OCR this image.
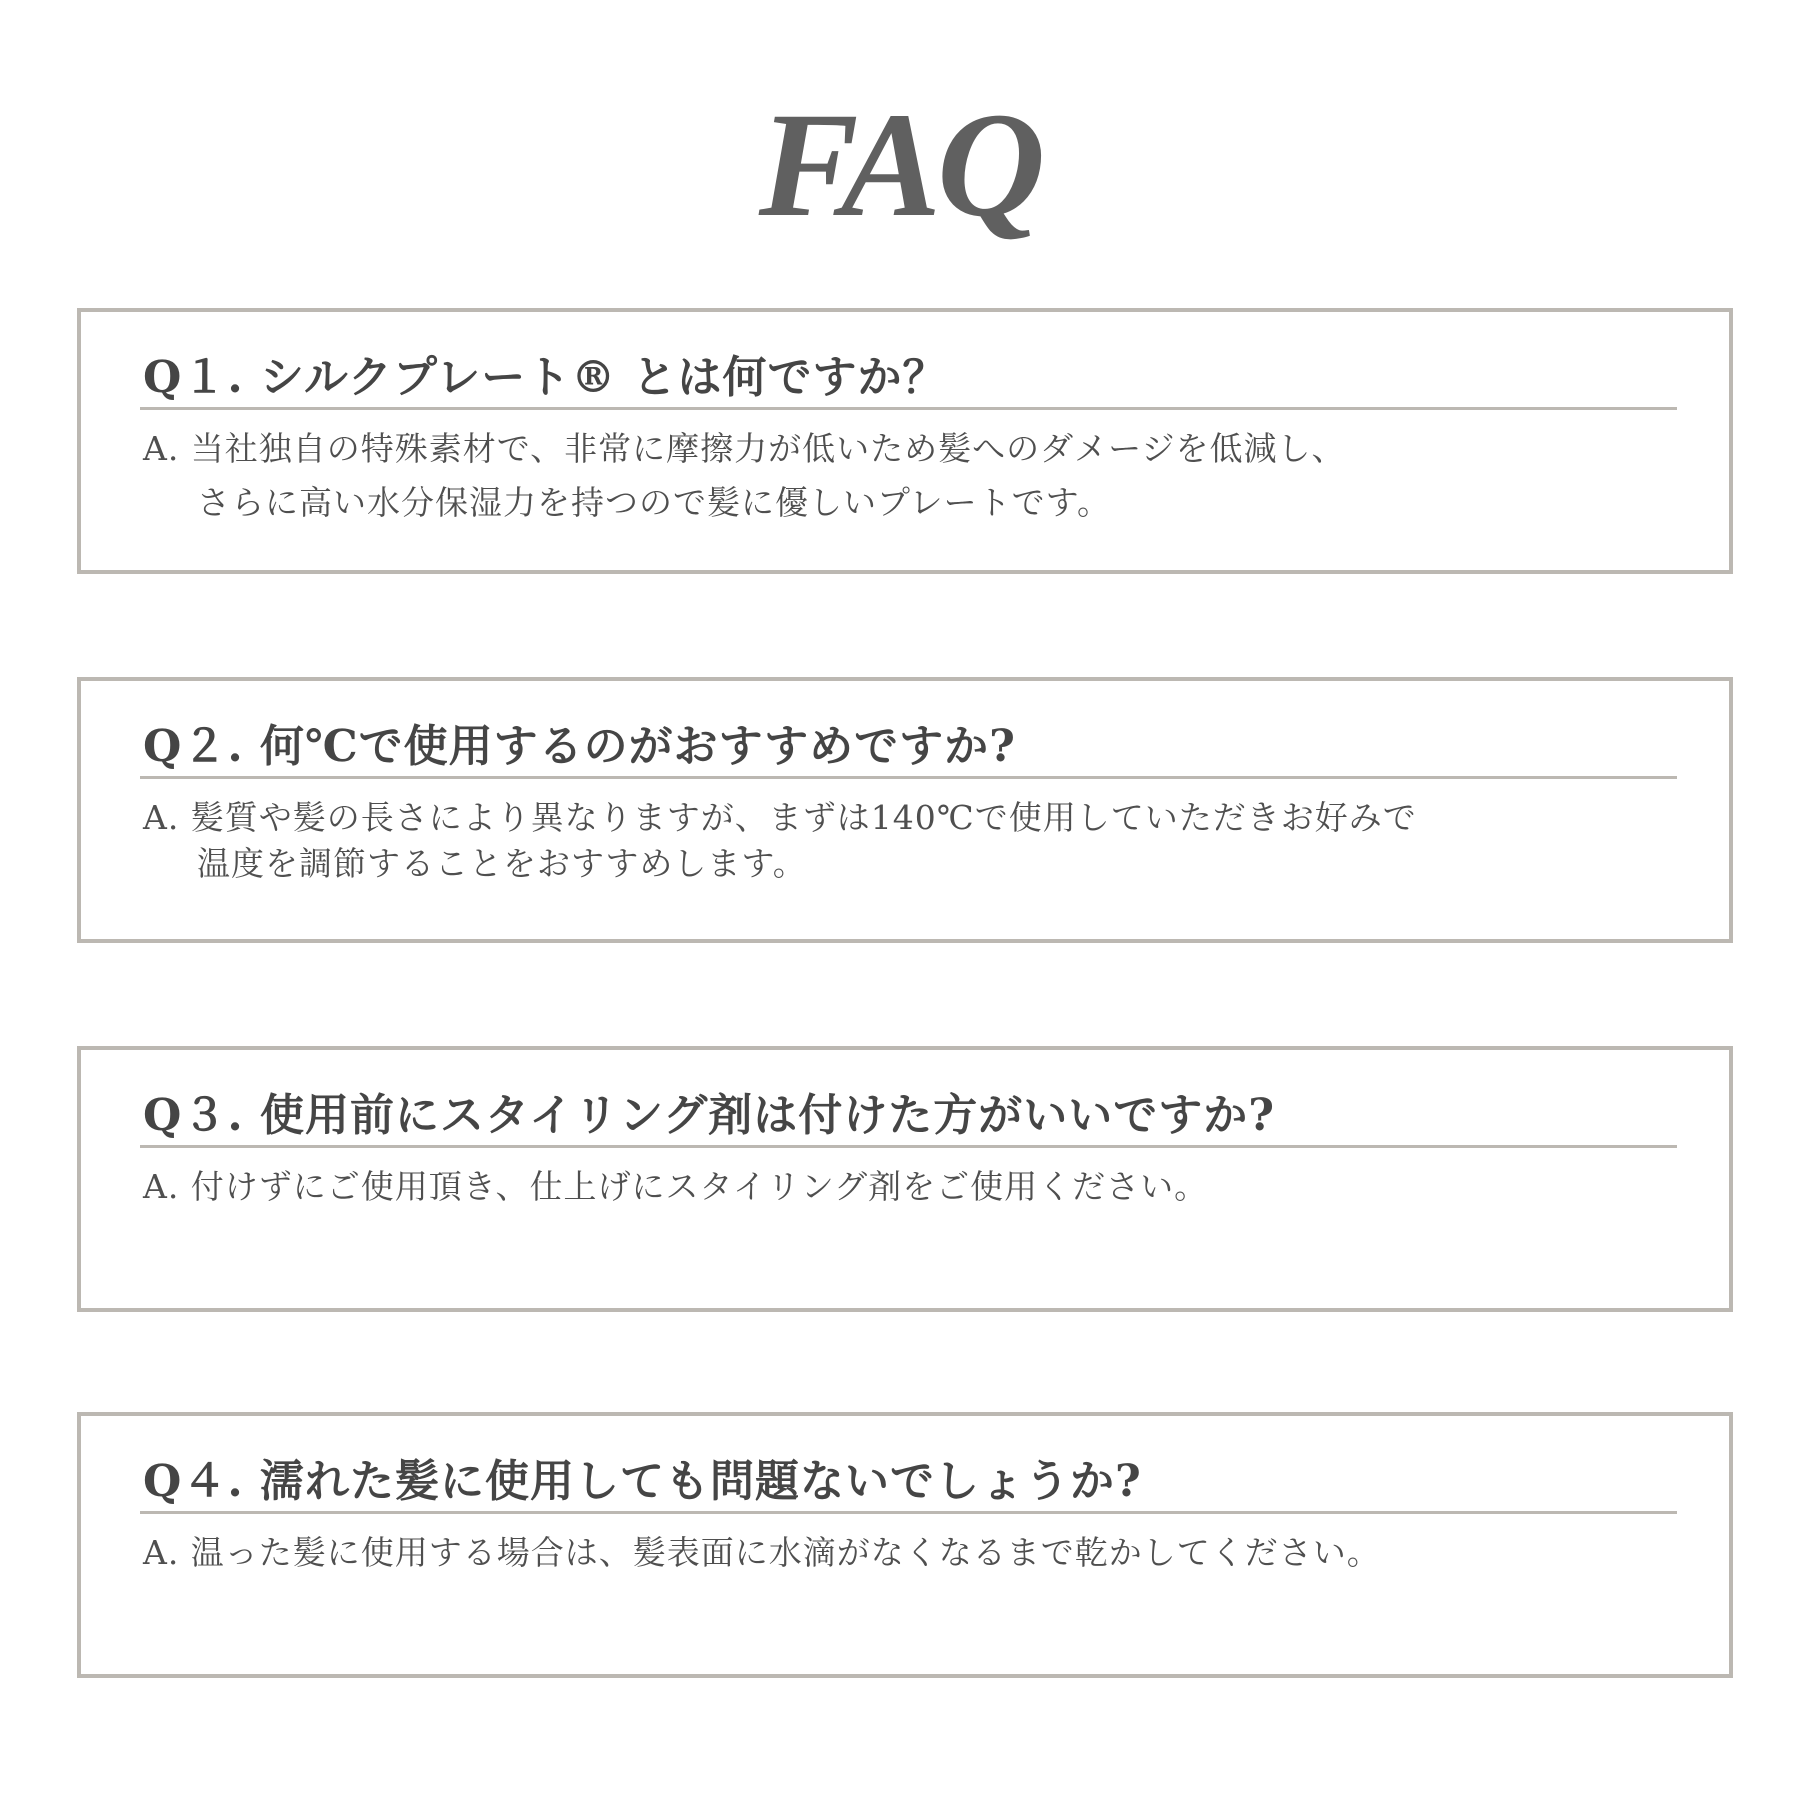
FAQ
Q１. シルクプレート® とは何ですか？
A. 当社独自の特殊素材で、非常に摩擦力が低いため髪へのダメージを低減し、
さらに高い水分保湿力を持つので髪に優しいプレートです。
Q２. 何℃で使用するのがおすすめですか?
A. 髪質や髪の長さにより異なりますが、まずは140℃で使用していただきお好みで
温度を調節することをおすすめします。
Q３. 使用前にスタイリング剤は付けた方がいいですか?
A. 付けずにご使用頂き、仕上げにスタイリング剤をご使用ください。
Q４. 濡れた髪に使用しても問題ないでしょうか?
A. 温った髪に使用する場合は、髪表面に水滴がなくなるまで乾かしてください。
